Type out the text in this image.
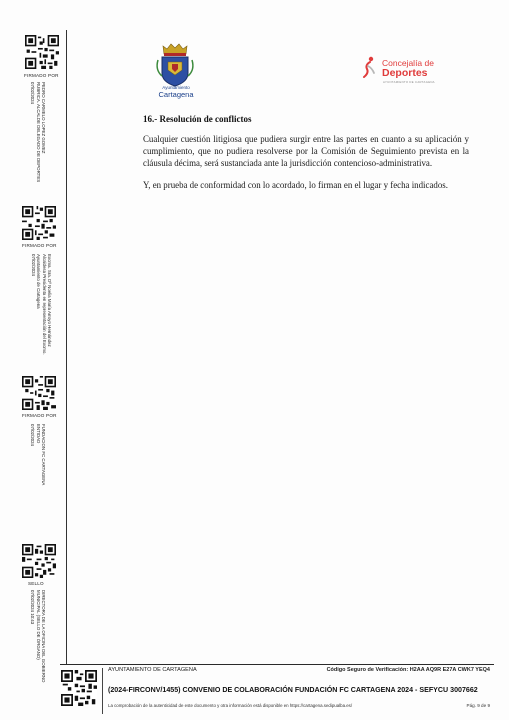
FIRMADO POR
PEDRO CARMELO LOPEZ GOMEZ
RUBRICA. ALCALDE DELEGADO DE DEPORTES
07/02/2024
FIRMADO POR
Excma. Sra. Dª Noelia María Arroyo Hernández
Alcaldesa Presidenta en representación del Excmo.
Ayuntamiento de Cartagena
07/02/2024
FIRMADO POR
FUNDACION FC CARTAGENA
ENTIDAD
07/02/2024
SELLO
DIRECTORA DE LA OFICINA DEL GOBIERNO
MUNICIPAL (SELLO DE ÓRGANO)
07/02/2024 10:43
Ayuntamiento
Cartagena
Concejalía de
Deportes
AYUNTAMIENTO DE CARTAGENA
16.- Resolución de conflictos

Cualquier cuestión litigiosa que pudiera surgir entre las partes en cuanto a su aplicación y cumplimiento, que no pudiera resolverse por la Comisión de Seguimiento prevista en la cláusula décima, será sustanciada ante la jurisdicción contencioso-administrativa.

Y, en prueba de conformidad con lo acordado, lo firman en el lugar y fecha indicados.

AYUNTAMIENTO DE CARTAGENA	Código Seguro de Verificación: H2AA AQ9R E27A CWK7 YEQ4
(2024-FIRCONV/1455) CONVENIO DE COLABORACIÓN FUNDACIÓN FC CARTAGENA 2024 - SEFYCU 3007662
La comprobación de la autenticidad de este documento y otra información está disponible en https://cartagena.sedipualba.es/	Pág. 9 de 9
